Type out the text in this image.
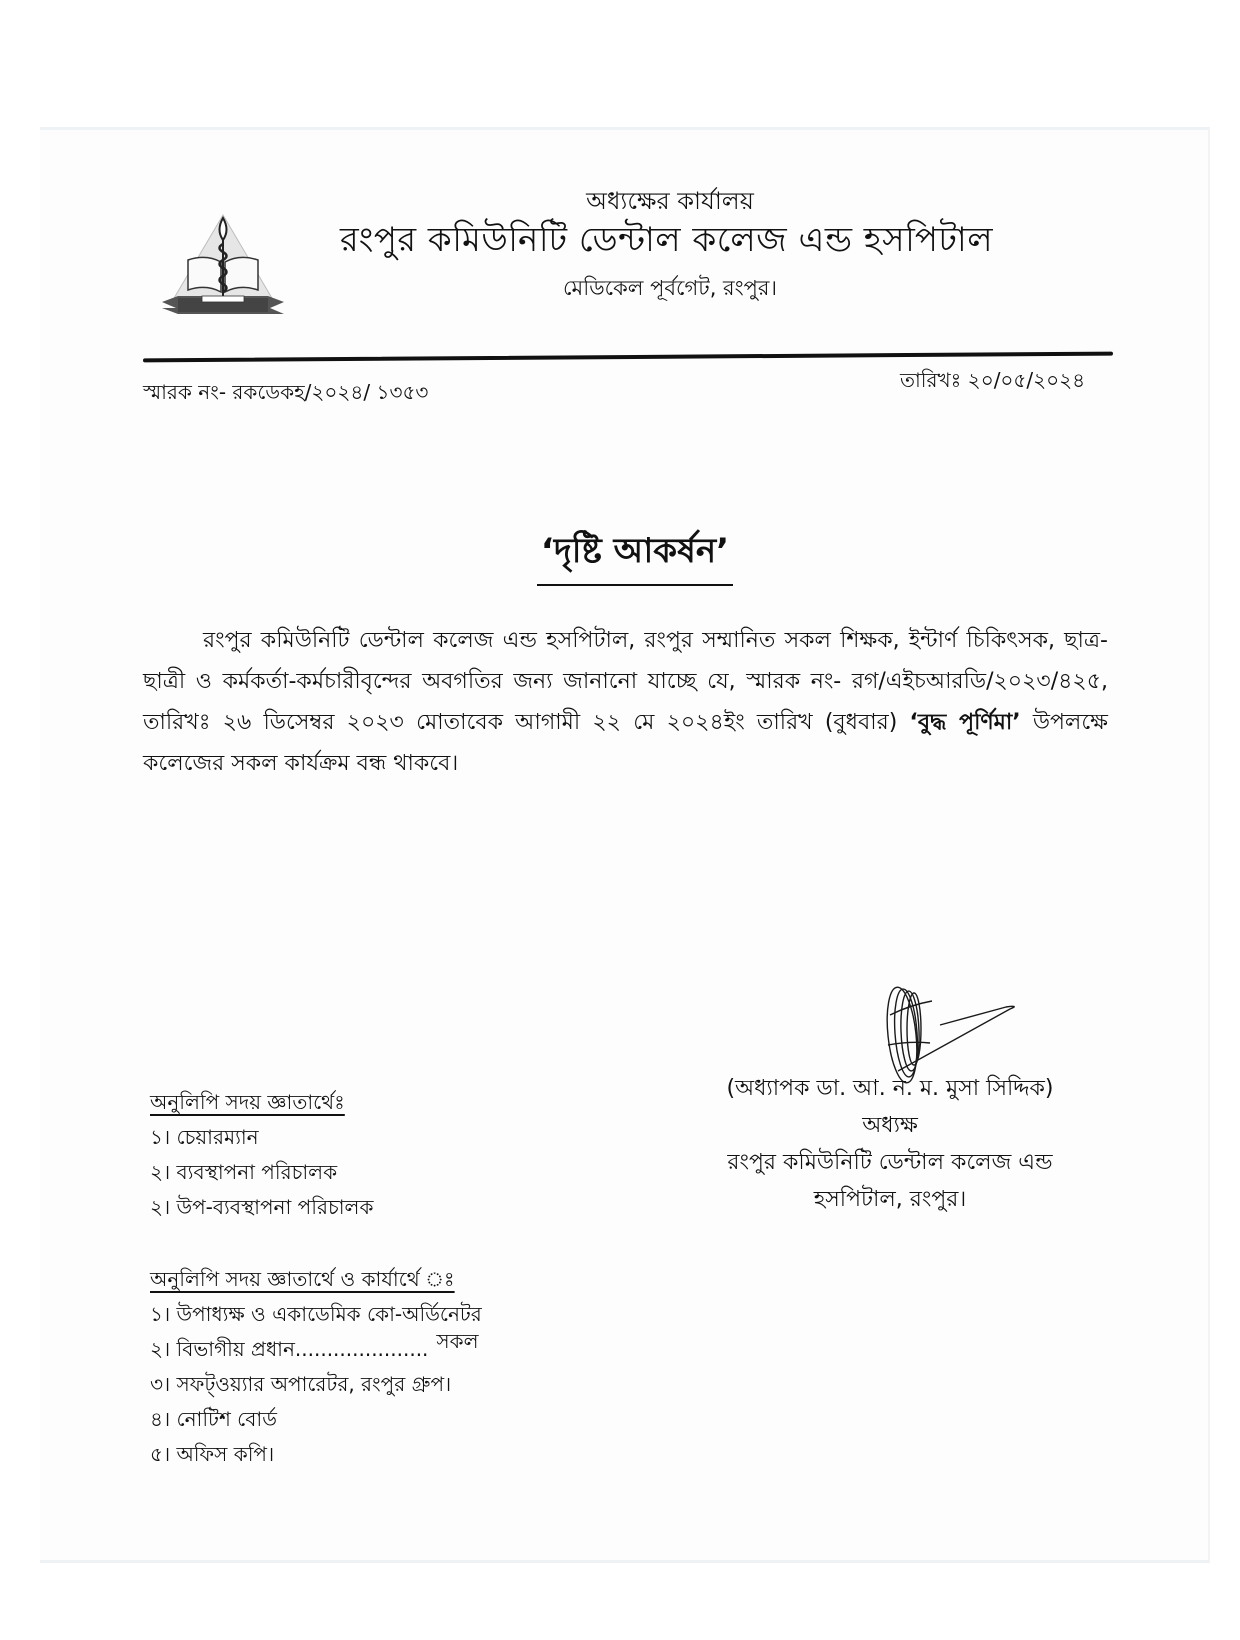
অধ্যক্ষের কার্যালয়
রংপুর কমিউনিটি ডেন্টাল কলেজ এন্ড হসপিটাল
মেডিকেল পূর্বগেট, রংপুর।
স্মারক নং- রকডেকহ/২০২৪/ ১৩৫৩	তারিখঃ ২০/০৫/২০২৪
‘দৃষ্টি আকর্ষন’
রংপুর কমিউনিটি ডেন্টাল কলেজ এন্ড হসপিটাল, রংপুর সম্মানিত সকল শিক্ষক, ইন্টার্ণ চিকিৎসক, ছাত্র-ছাত্রী ও কর্মকর্তা-কর্মচারীবৃন্দের অবগতির জন্য জানানো যাচ্ছে যে, স্মারক নং- রগ/এইচআরডি/২০২৩/৪২৫, তারিখঃ ২৬ ডিসেম্বর ২০২৩ মোতাবেক আগামী ২২ মে ২০২৪ইং তারিখ (বুধবার) ‘বুদ্ধ পূর্ণিমা’ উপলক্ষে কলেজের সকল কার্যক্রম বন্ধ থাকবে।
(অধ্যাপক ডা. আ. ন. ম. মুসা সিদ্দিক)
অধ্যক্ষ
রংপুর কমিউনিটি ডেন্টাল কলেজ এন্ড
হসপিটাল, রংপুর।
অনুলিপি সদয় জ্ঞাতার্থেঃ
১। চেয়ারম্যান
২। ব্যবস্থাপনা পরিচালক
২। উপ-ব্যবস্থাপনা পরিচালক
অনুলিপি সদয় জ্ঞাতার্থে ও কার্যার্থে ঃ
১। উপাধ্যক্ষ ও একাডেমিক কো-অর্ডিনেটর
২। বিভাগীয় প্রধান..................... সকল
৩। সফট্ওয়্যার অপারেটর, রংপুর গ্রুপ।
৪। নোটিশ বোর্ড
৫। অফিস কপি।
